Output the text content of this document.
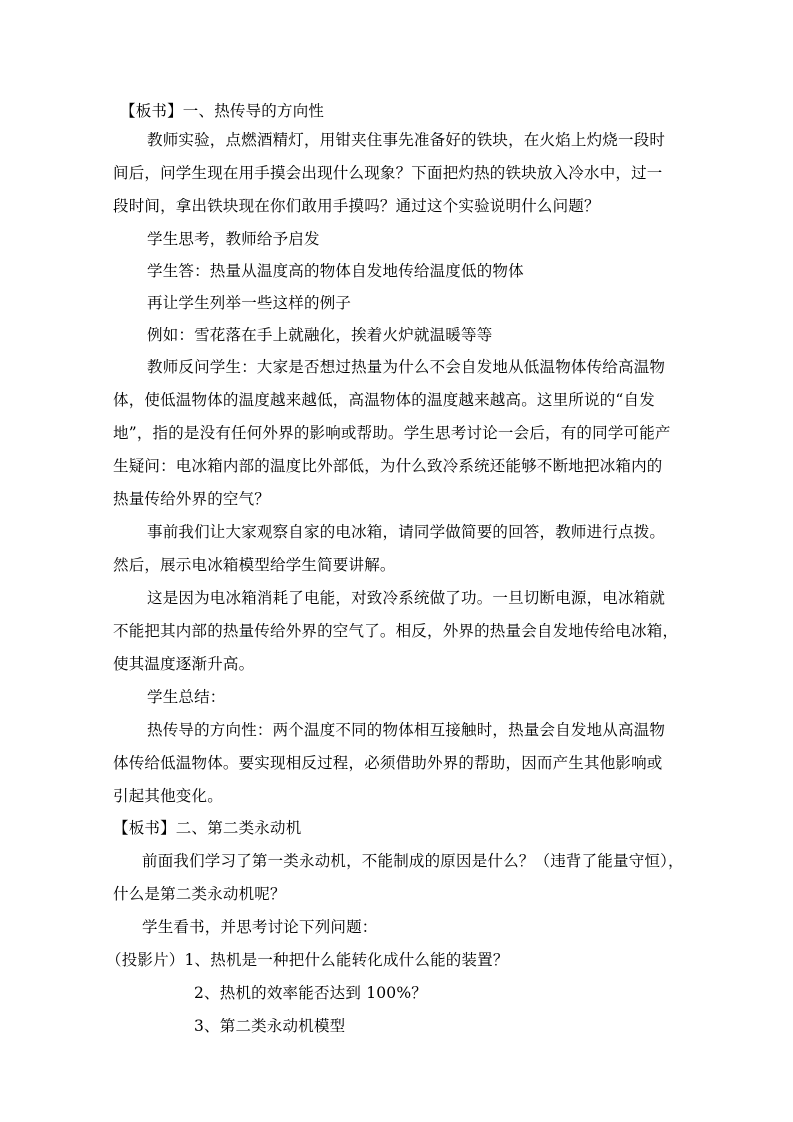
【板书】一、热传导的方向性
教师实验，点燃酒精灯，用钳夹住事先准备好的铁块，在火焰上灼烧一段时
间后，问学生现在用手摸会出现什么现象？下面把灼热的铁块放入冷水中，过一
段时间，拿出铁块现在你们敢用手摸吗？通过这个实验说明什么问题？
学生思考，教师给予启发
学生答：热量从温度高的物体自发地传给温度低的物体
再让学生列举一些这样的例子
例如：雪花落在手上就融化，挨着火炉就温暖等等
教师反问学生：大家是否想过热量为什么不会自发地从低温物体传给高温物
体，使低温物体的温度越来越低，高温物体的温度越来越高。这里所说的“自发
地”，指的是没有任何外界的影响或帮助。学生思考讨论一会后，有的同学可能产
生疑问：电冰箱内部的温度比外部低，为什么致冷系统还能够不断地把冰箱内的
热量传给外界的空气？
事前我们让大家观察自家的电冰箱，请同学做简要的回答，教师进行点拨。
然后，展示电冰箱模型给学生简要讲解。
这是因为电冰箱消耗了电能，对致冷系统做了功。一旦切断电源，电冰箱就
不能把其内部的热量传给外界的空气了。相反，外界的热量会自发地传给电冰箱，
使其温度逐渐升高。
学生总结：
热传导的方向性：两个温度不同的物体相互接触时，热量会自发地从高温物
体传给低温物体。要实现相反过程，必须借助外界的帮助，因而产生其他影响或
引起其他变化。
【板书】二、第二类永动机
前面我们学习了第一类永动机，不能制成的原因是什么？（违背了能量守恒），
什么是第二类永动机呢？
学生看书，并思考讨论下列问题：
（投影片）1、热机是一种把什么能转化成什么能的装置？
2、热机的效率能否达到 100%？
3、第二类永动机模型
